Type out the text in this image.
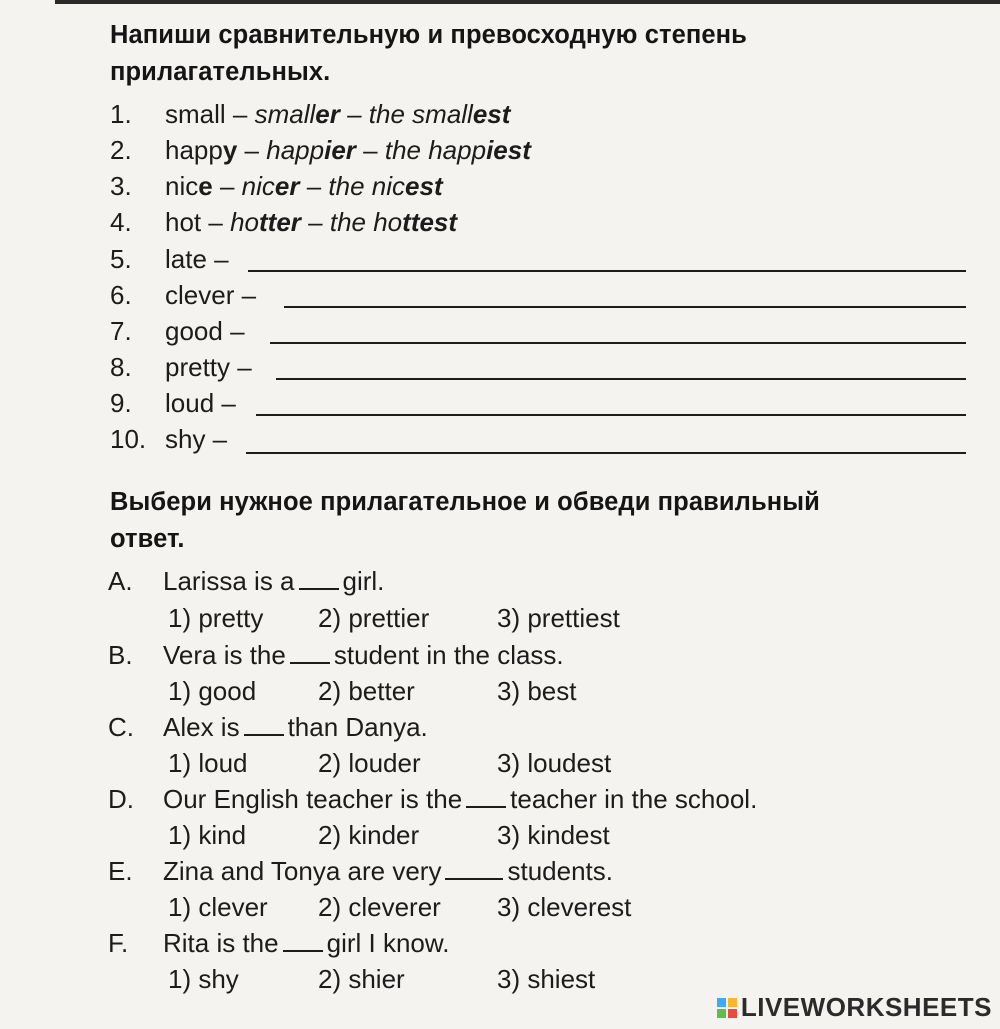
Напиши сравнительную и превосходную степень
прилагательных.
1. small
–
smaller
–
the smallest
2. happy
–
happier
–
the happiest
3. nice
–
nicer
–
the nicest
4. hot
–
hotter
–
the hottest
5. late –
6. clever –
7. good –
8. pretty –
9. loud –
10. shy –
Выбери нужное прилагательное и обведи правильный
ответ.
A. Larissa is a girl.
1) pretty 2) prettier	3) prettiest
B. Vera is the student in the class.
1) good 2) better	3) best
C. Alex is than Danya.
1) loud	2) louder	3) loudest
D. Our English teacher is the teacher in the school.
1) kind	2) kinder	3) kindest
E. Zina and Tonya are very	students.
1) clever 2) cleverer 3) cleverest
F. Rita is the girl I know.
1) shy	2) shier	3) shiest
LIVEWORKSHEETS
